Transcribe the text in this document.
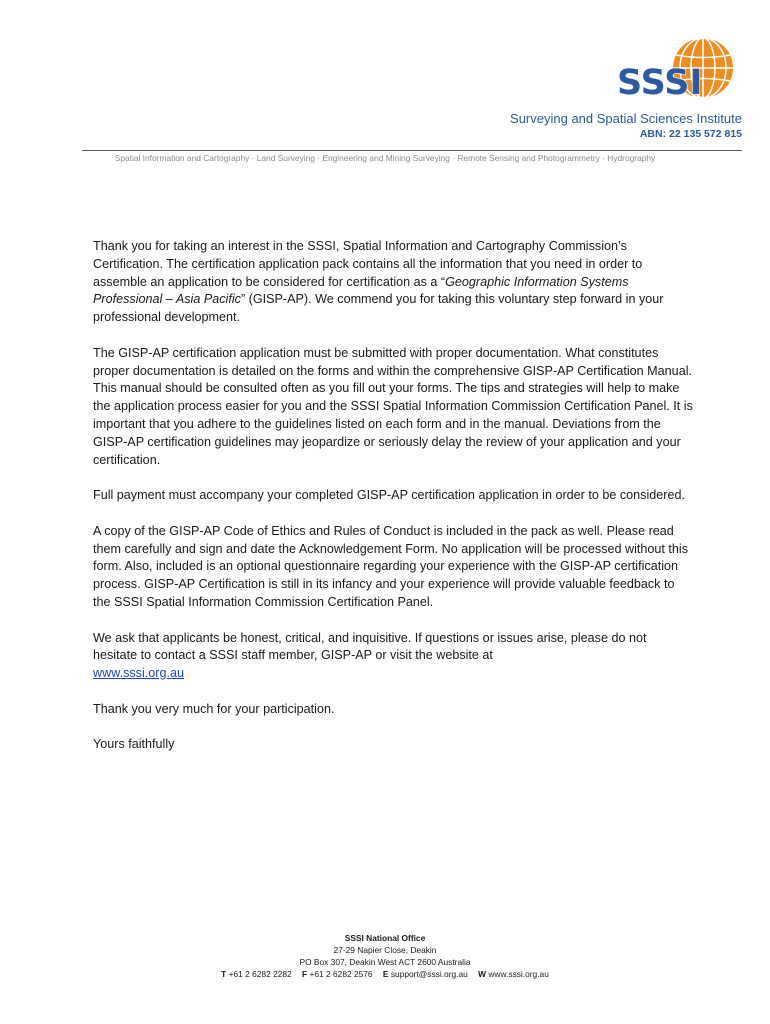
SSSI
Surveying and Spatial Sciences Institute
ABN: 22 135 572 815
Spatial Information and Cartography · Land Surveying · Engineering and Mining Surveying · Remote Sensing and Photogrammetry · Hydrography

Thank you for taking an interest in the SSSI, Spatial Information and Cartography Commission’s Certification. The certification application pack contains all the information that you need in order to assemble an application to be considered for certification as a “Geographic Information Systems Professional – Asia Pacific” (GISP-AP). We commend you for taking this voluntary step forward in your professional development.

The GISP-AP certification application must be submitted with proper documentation. What constitutes proper documentation is detailed on the forms and within the comprehensive GISP-AP Certification Manual. This manual should be consulted often as you fill out your forms. The tips and strategies will help to make the application process easier for you and the SSSI Spatial Information Commission Certification Panel. It is important that you adhere to the guidelines listed on each form and in the manual. Deviations from the GISP-AP certification guidelines may jeopardize or seriously delay the review of your application and your certification.

Full payment must accompany your completed GISP-AP certification application in order to be considered.

A copy of the GISP-AP Code of Ethics and Rules of Conduct is included in the pack as well. Please read them carefully and sign and date the Acknowledgement Form. No application will be processed without this form. Also, included is an optional questionnaire regarding your experience with the GISP-AP certification process. GISP-AP Certification is still in its infancy and your experience will provide valuable feedback to the SSSI Spatial Information Commission Certification Panel.

We ask that applicants be honest, critical, and inquisitive. If questions or issues arise, please do not hesitate to contact a SSSI staff member, GISP-AP or visit the website at
www.sssi.org.au

Thank you very much for your participation.

Yours faithfully

SSSI National Office
27-29 Napier Close, Deakin
PO Box 307, Deakin West ACT 2600 Australia
T +61 2 6282 2282 F +61 2 6282 2576 E support@sssi.org.au W www.sssi.org.au
